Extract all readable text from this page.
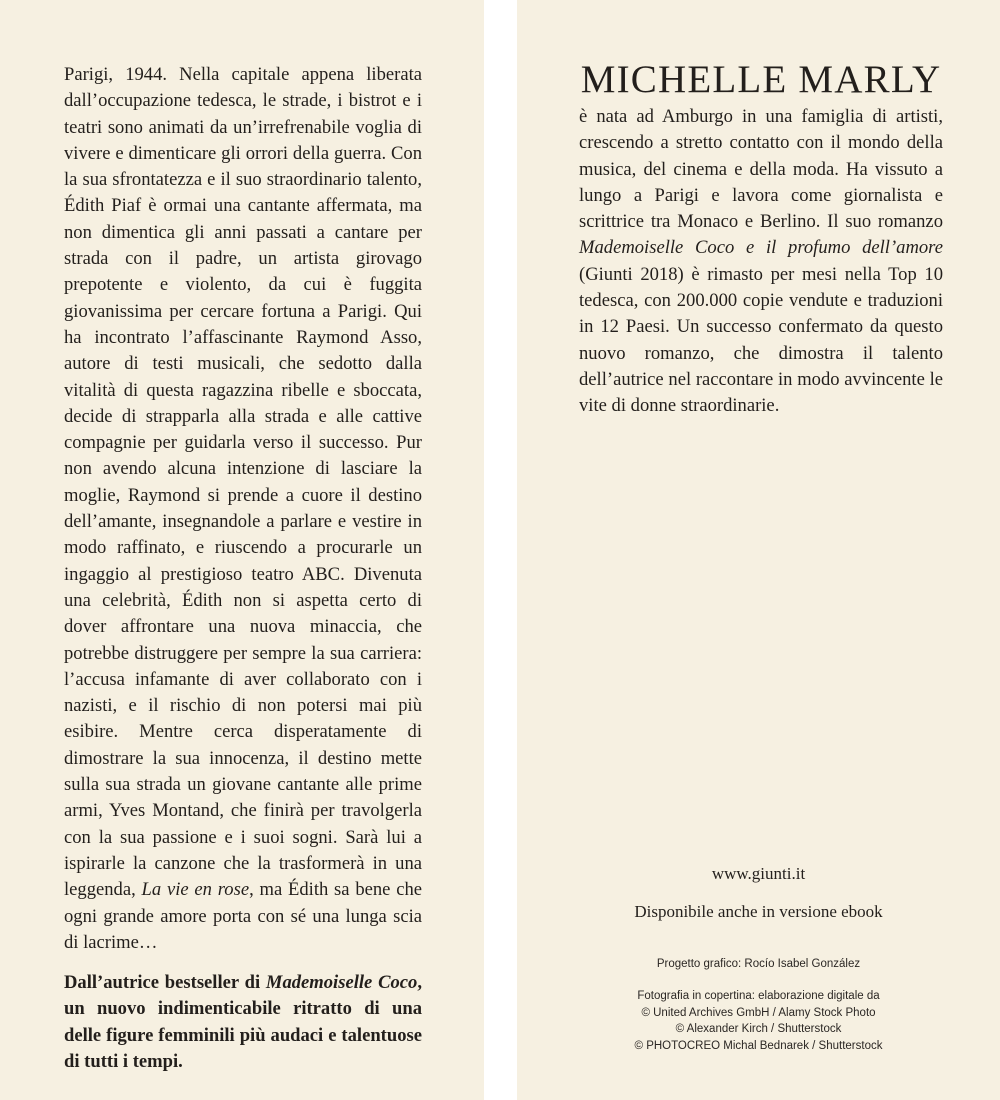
Parigi, 1944. Nella capitale appena liberata dall’occupazione tedesca, le strade, i bistrot e i teatri sono animati da un’irrefrenabile voglia di vivere e dimenticare gli orrori della guerra. Con la sua sfrontatezza e il suo straordinario talento, Édith Piaf è ormai una cantante affermata, ma non dimentica gli anni passati a cantare per strada con il padre, un artista girovago prepotente e violento, da cui è fuggita giovanissima per cercare fortuna a Parigi. Qui ha incontrato l’affascinante Raymond Asso, autore di testi musicali, che sedotto dalla vitalità di questa ragazzina ribelle e sboccata, decide di strapparla alla strada e alle cattive compagnie per guidarla verso il successo. Pur non avendo alcuna intenzione di lasciare la moglie, Raymond si prende a cuore il destino dell’amante, insegnandole a parlare e vestire in modo raffinato, e riuscendo a procurarle un ingaggio al prestigioso teatro ABC. Divenuta una celebrità, Édith non si aspetta certo di dover affrontare una nuova minaccia, che potrebbe distruggere per sempre la sua carriera: l’accusa infamante di aver collaborato con i nazisti, e il rischio di non potersi mai più esibire. Mentre cerca disperatamente di dimostrare la sua innocenza, il destino mette sulla sua strada un giovane cantante alle prime armi, Yves Montand, che finirà per travolgerla con la sua passione e i suoi sogni. Sarà lui a ispirarle la canzone che la trasformerà in una leggenda, La vie en rose, ma Édith sa bene che ogni grande amore porta con sé una lunga scia di lacrime…

Dall’autrice bestseller di Mademoiselle Coco, un nuovo indimenticabile ritratto di una delle figure femminili più audaci e talentuose di tutti i tempi.

MICHELLE MARLY

è nata ad Amburgo in una famiglia di artisti, crescendo a stretto contatto con il mondo della musica, del cinema e della moda. Ha vissuto a lungo a Parigi e lavora come giornalista e scrittrice tra Monaco e Berlino. Il suo romanzo Mademoiselle Coco e il profumo dell’amore (Giunti 2018) è rimasto per mesi nella Top 10 tedesca, con 200.000 copie vendute e traduzioni in 12 Paesi. Un successo confermato da questo nuovo romanzo, che dimostra il talento dell’autrice nel raccontare in modo avvincente le vite di donne straordinarie.

www.giunti.it
Disponibile anche in versione ebook
Progetto grafico: Rocío Isabel González
Fotografia in copertina: elaborazione digitale da
© United Archives GmbH / Alamy Stock Photo
© Alexander Kirch / Shutterstock
© PHOTOCREO Michal Bednarek / Shutterstock
